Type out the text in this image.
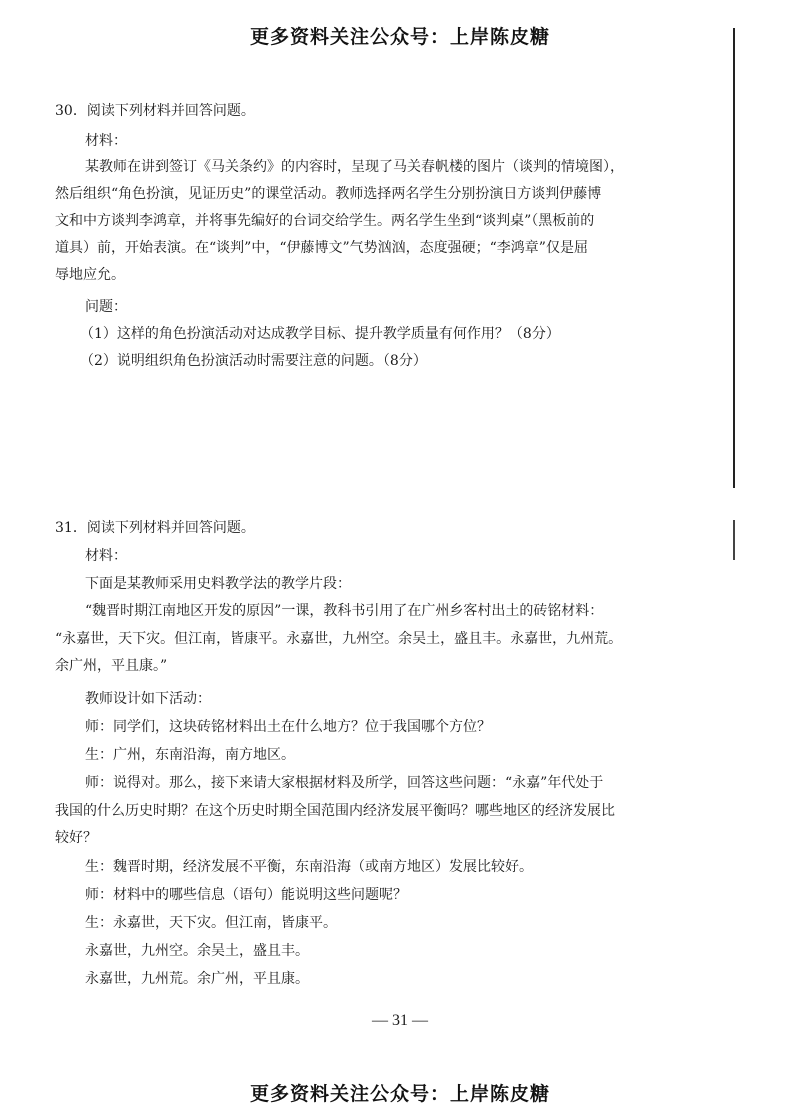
更多资料关注公众号：上岸陈皮糖
30．阅读下列材料并回答问题。
材料：
某教师在讲到签订《马关条约》的内容时，呈现了马关春帆楼的图片（谈判的情境图），
然后组织“角色扮演，见证历史”的课堂活动。教师选择两名学生分别扮演日方谈判伊藤博
文和中方谈判李鸿章，并将事先编好的台词交给学生。两名学生坐到“谈判桌”（黑板前的
道具）前，开始表演。在“谈判”中，“伊藤博文”气势汹汹，态度强硬；“李鸿章”仅是屈
辱地应允。
问题：
（1）这样的角色扮演活动对达成教学目标、提升教学质量有何作用？（8分）
（2）说明组织角色扮演活动时需要注意的问题。（8分）
31．阅读下列材料并回答问题。
材料：
下面是某教师采用史料教学法的教学片段：
“魏晋时期江南地区开发的原因”一课，教科书引用了在广州乡客村出土的砖铭材料：
“永嘉世，天下灾。但江南，皆康平。永嘉世，九州空。余吴土，盛且丰。永嘉世，九州荒。
余广州，平且康。”
教师设计如下活动：
师：同学们，这块砖铭材料出土在什么地方？位于我国哪个方位？
生：广州，东南沿海，南方地区。
师：说得对。那么，接下来请大家根据材料及所学，回答这些问题：“永嘉”年代处于
我国的什么历史时期？在这个历史时期全国范围内经济发展平衡吗？哪些地区的经济发展比
较好？
生：魏晋时期，经济发展不平衡，东南沿海（或南方地区）发展比较好。
师：材料中的哪些信息（语句）能说明这些问题呢？
生：永嘉世，天下灾。但江南，皆康平。
永嘉世，九州空。余吴土，盛且丰。
永嘉世，九州荒。余广州，平且康。
— 31 —
更多资料关注公众号：上岸陈皮糖
